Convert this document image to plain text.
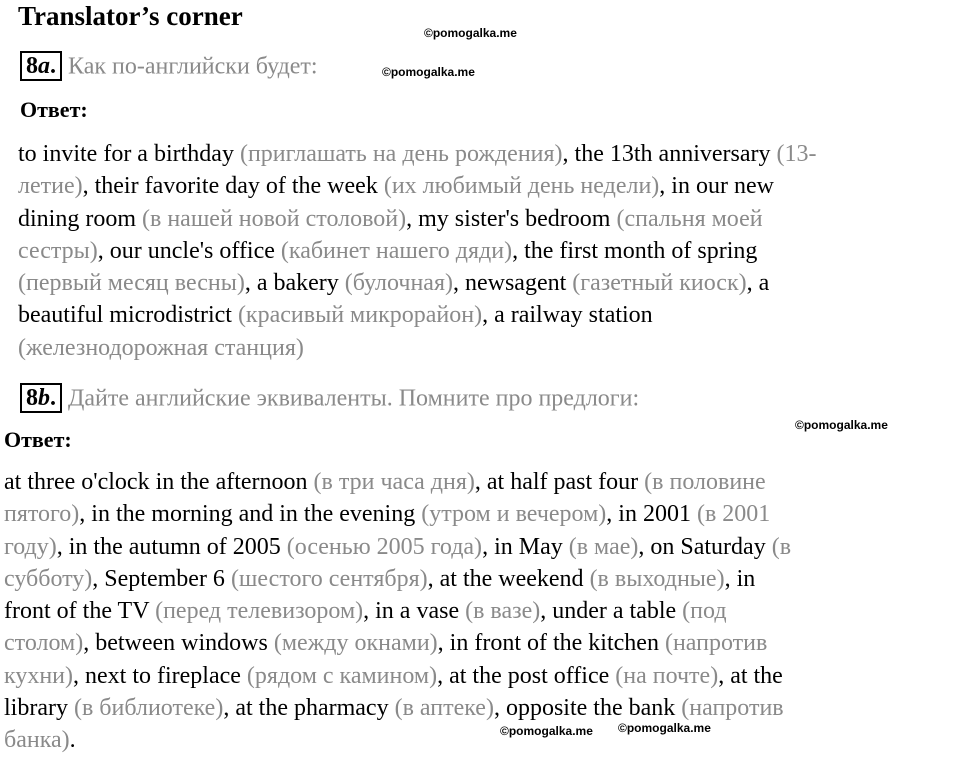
Translator’s corner
©pomogalka.me
8a. Как по-английски будет:	©pomogalka.me
Ответ:
to invite for a birthday (приглашать на день рождения), the 13th anniversary (13-
летие), their favorite day of the week (их любимый день недели), in our new
dining room (в нашей новой столовой), my sister's bedroom (спальня моей
сестры), our uncle's office (кабинет нашего дяди), the first month of spring
(первый месяц весны), a bakery (булочная), newsagent (газетный киоск), a
beautiful microdistrict (красивый микрорайон), a railway station
(железнодорожная станция)
8b. Дайте английские эквиваленты. Помните про предлоги:
Ответ:
©pomogalka.me
at three o'clock in the afternoon (в три часа дня), at half past four (в половине
пятого), in the morning and in the evening (утром и вечером), in 2001 (в 2001
году), in the autumn of 2005 (осенью 2005 года), in May (в мае), on Saturday (в
субботу), September 6 (шестого сентября), at the weekend (в выходные), in
front of the TV (перед телевизором), in a vase (в вазе), under a table (под
столом), between windows (между окнами), in front of the kitchen (напротив
кухни), next to fireplace (рядом с камином), at the post office (на почте), at the
library (в библиотеке), at the pharmacy (в аптеке), opposite the bank (напротив
банка).	©pomogalka.me ©pomogalka.me
